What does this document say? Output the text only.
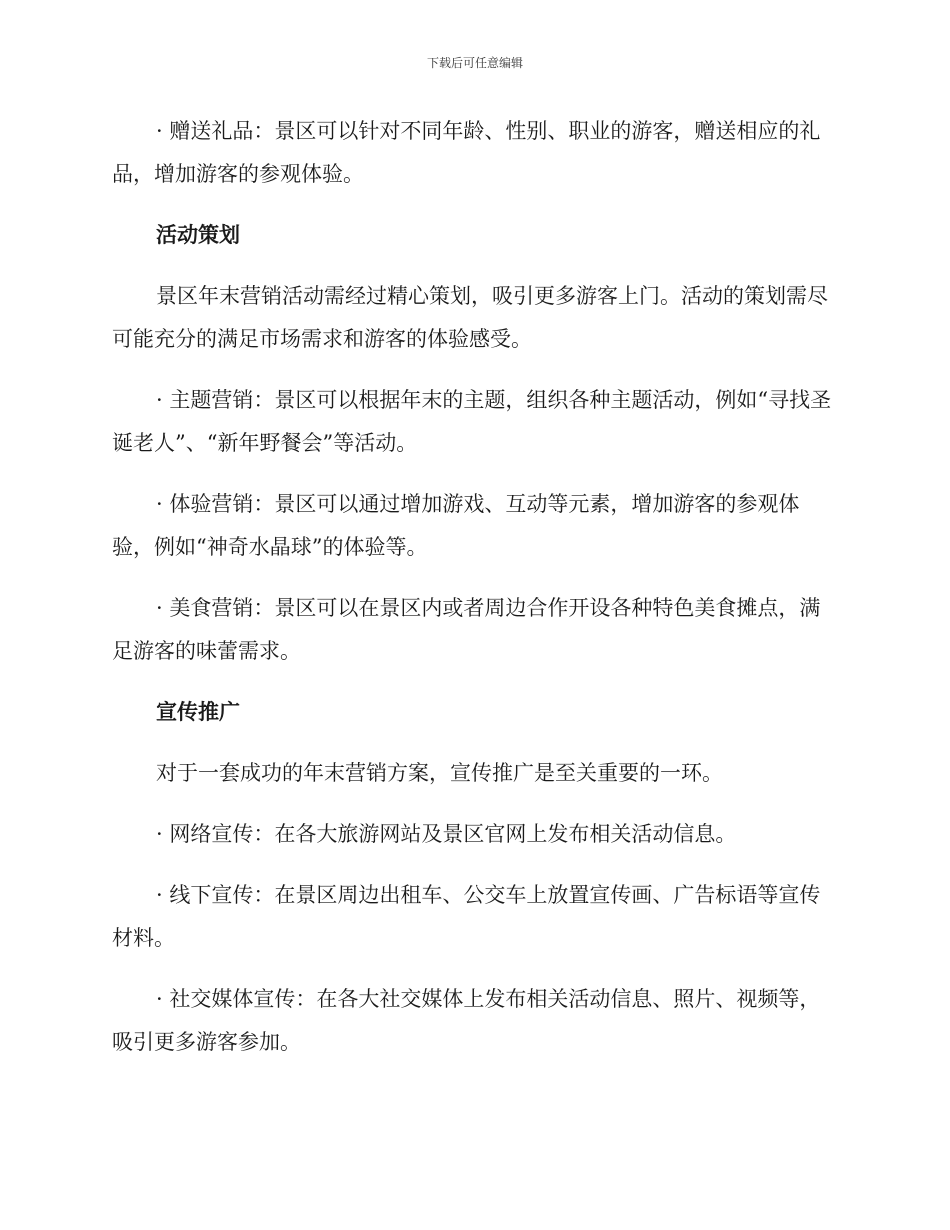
下载后可任意编辑

· 赠送礼品：景区可以针对不同年龄、性别、职业的游客，赠送相应的礼品，增加游客的参观体验。

活动策划

景区年末营销活动需经过精心策划，吸引更多游客上门。活动的策划需尽可能充分的满足市场需求和游客的体验感受。

· 主题营销：景区可以根据年末的主题，组织各种主题活动，例如“寻找圣诞老人”、“新年野餐会”等活动。

· 体验营销：景区可以通过增加游戏、互动等元素，增加游客的参观体验，例如“神奇水晶球”的体验等。

· 美食营销：景区可以在景区内或者周边合作开设各种特色美食摊点，满足游客的味蕾需求。

宣传推广

对于一套成功的年末营销方案，宣传推广是至关重要的一环。

· 网络宣传：在各大旅游网站及景区官网上发布相关活动信息。

· 线下宣传：在景区周边出租车、公交车上放置宣传画、广告标语等宣传材料。

· 社交媒体宣传：在各大社交媒体上发布相关活动信息、照片、视频等，吸引更多游客参加。
